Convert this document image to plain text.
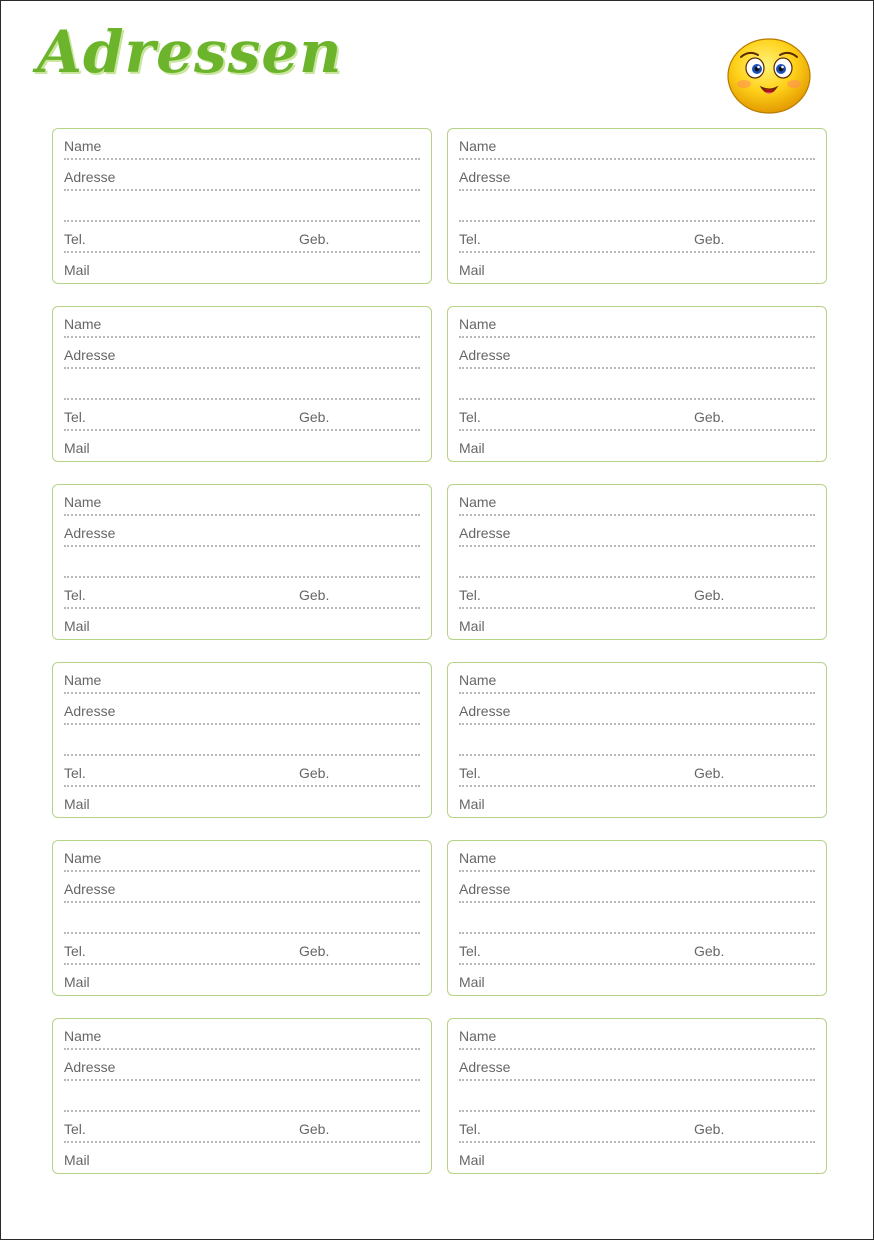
Adressen
Name
Adresse
Tel.	Geb.
Mail
Name
Adresse
Tel.	Geb.
Mail
Name
Adresse
Tel.	Geb.
Mail
Name
Adresse
Tel.	Geb.
Mail
Name
Adresse
Tel.	Geb.
Mail
Name
Adresse
Tel.	Geb.
Mail
Name
Adresse
Tel.	Geb.
Mail
Name
Adresse
Tel.	Geb.
Mail
Name
Adresse
Tel.	Geb.
Mail
Name
Adresse
Tel.	Geb.
Mail
Name
Adresse
Tel.	Geb.
Mail
Name
Adresse
Tel.	Geb.
Mail
